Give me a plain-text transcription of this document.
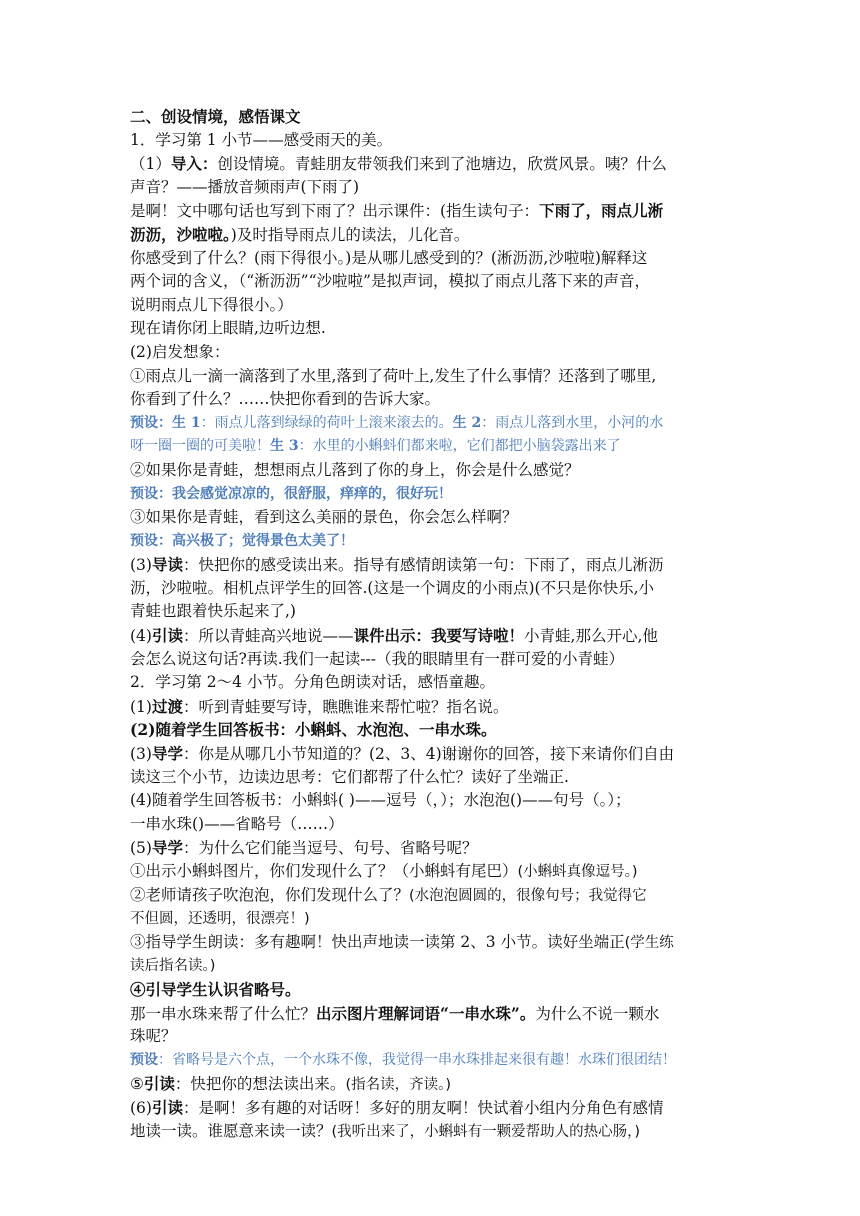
二、创设情境，感悟课文
1．学习第 1 小节——感受雨天的美。
（1）导入：创设情境。青蛙朋友带领我们来到了池塘边，欣赏风景。咦？什么
声音？——播放音频雨声(下雨了)
是啊！文中哪句话也写到下雨了？出示课件：(指生读句子：下雨了，雨点儿淅
沥沥，沙啦啦。)及时指导雨点儿的读法，儿化音。
你感受到了什么？(雨下得很小。)是从哪儿感受到的？(淅沥沥,沙啦啦)解释这
两个词的含义，（“淅沥沥”“沙啦啦”是拟声词，模拟了雨点儿落下来的声音，
说明雨点儿下得很小。）
现在请你闭上眼睛,边听边想.
(2)启发想象：
①雨点儿一滴一滴落到了水里,落到了荷叶上,发生了什么事情？还落到了哪里,
你看到了什么？……快把你看到的告诉大家。
预设：生 1：雨点儿落到绿绿的荷叶上滚来滚去的。生 2：雨点儿落到水里，小河的水
呀一圈一圈的可美啦！生 3：水里的小蝌蚪们都来啦，它们都把小脑袋露出来了
②如果你是青蛙，想想雨点儿落到了你的身上，你会是什么感觉？
预设：我会感觉凉凉的，很舒服，痒痒的，很好玩！
③如果你是青蛙，看到这么美丽的景色，你会怎么样啊？
预设：高兴极了；觉得景色太美了！
(3)导读：快把你的感受读出来。指导有感情朗读第一句：下雨了，雨点儿淅沥
沥，沙啦啦。相机点评学生的回答.(这是一个调皮的小雨点)(不只是你快乐,小
青蛙也跟着快乐起来了,)
(4)引读：所以青蛙高兴地说——课件出示：我要写诗啦！小青蛙,那么开心,他
会怎么说这句话?再读.我们一起读---（我的眼睛里有一群可爱的小青蛙）
2．学习第 2～4 小节。分角色朗读对话，感悟童趣。
(1)过渡：听到青蛙要写诗，瞧瞧谁来帮忙啦？指名说。
(2)随着学生回答板书：小蝌蚪、水泡泡、一串水珠。
(3)导学：你是从哪几小节知道的？(2、3、4)谢谢你的回答，接下来请你们自由
读这三个小节，边读边思考：它们都帮了什么忙？读好了坐端正.
(4)随着学生回答板书：小蝌蚪( )——逗号（，）；水泡泡()——句号（。）；
一串水珠()——省略号（……）
(5)导学：为什么它们能当逗号、句号、省略号呢？
①出示小蝌蚪图片，你们发现什么了？（小蝌蚪有尾巴）(小蝌蚪真像逗号。)
②老师请孩子吹泡泡，你们发现什么了？(水泡泡圆圆的，很像句号；我觉得它
不但圆，还透明，很漂亮！)
③指导学生朗读：多有趣啊！快出声地读一读第 2、3 小节。读好坐端正(学生练
读后指名读。)
④引导学生认识省略号。
那一串水珠来帮了什么忙？出示图片理解词语“一串水珠”。为什么不说一颗水
珠呢？
预设：省略号是六个点，一个水珠不像，我觉得一串水珠排起来很有趣！水珠们很团结！
⑤引读：快把你的想法读出来。(指名读，齐读。)
(6)引读：是啊！多有趣的对话呀！多好的朋友啊！快试着小组内分角色有感情
地读一读。谁愿意来读一读？(我听出来了，小蝌蚪有一颗爱帮助人的热心肠，)
